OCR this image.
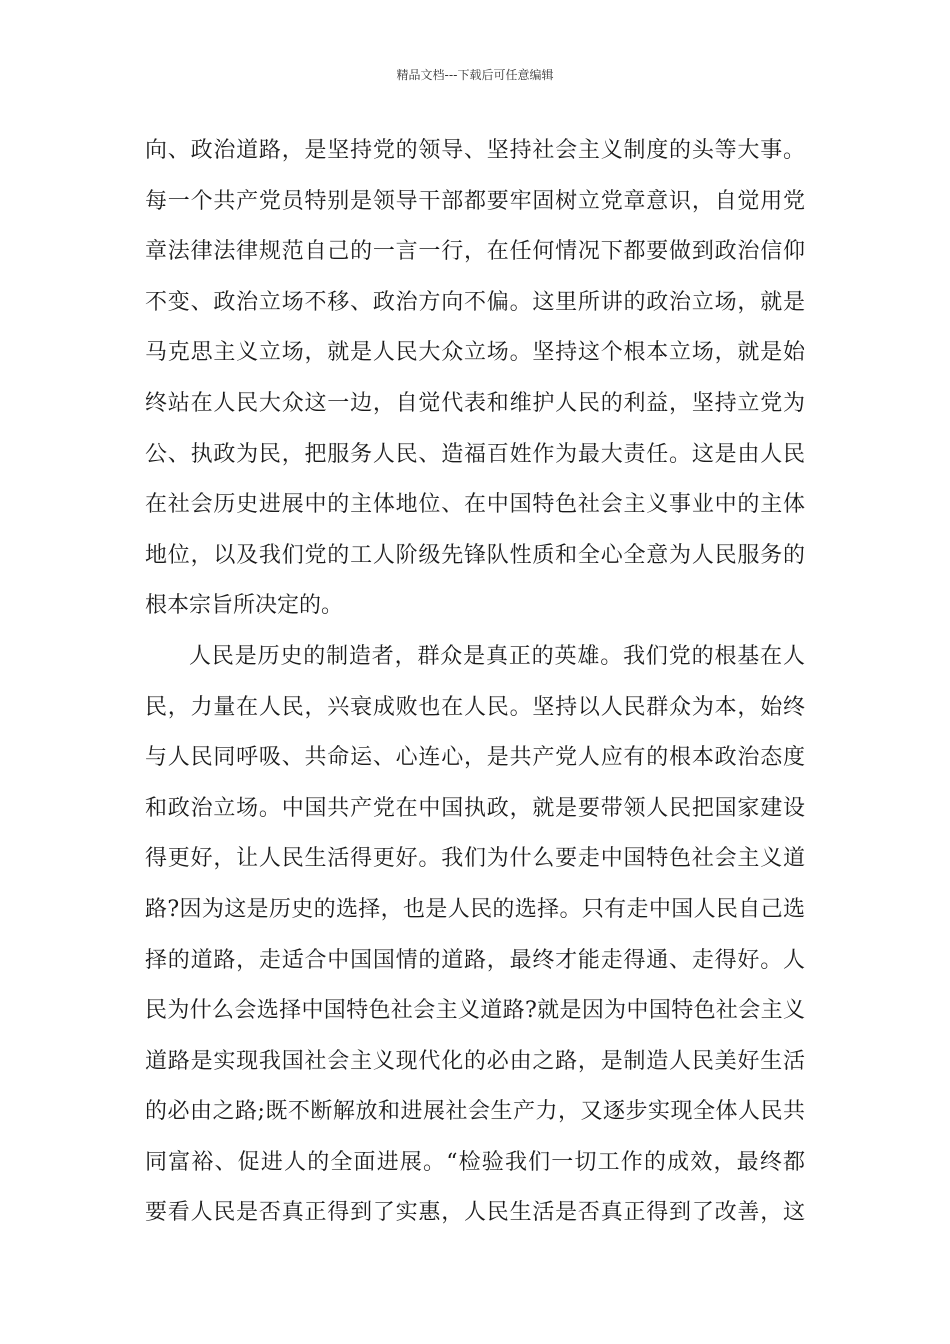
精品文档---下载后可任意编辑
向、政治道路，是坚持党的领导、坚持社会主义制度的头等大事。
每一个共产党员特别是领导干部都要牢固树立党章意识，自觉用党
章法律法律规范自己的一言一行，在任何情况下都要做到政治信仰
不变、政治立场不移、政治方向不偏。这里所讲的政治立场，就是
马克思主义立场，就是人民大众立场。坚持这个根本立场，就是始
终站在人民大众这一边，自觉代表和维护人民的利益，坚持立党为
公、执政为民，把服务人民、造福百姓作为最大责任。这是由人民
在社会历史进展中的主体地位、在中国特色社会主义事业中的主体
地位，以及我们党的工人阶级先锋队性质和全心全意为人民服务的
根本宗旨所决定的。
人民是历史的制造者，群众是真正的英雄。我们党的根基在人
民，力量在人民，兴衰成败也在人民。坚持以人民群众为本，始终
与人民同呼吸、共命运、心连心，是共产党人应有的根本政治态度
和政治立场。中国共产党在中国执政，就是要带领人民把国家建设
得更好，让人民生活得更好。我们为什么要走中国特色社会主义道
路?因为这是历史的选择，也是人民的选择。只有走中国人民自己选
择的道路，走适合中国国情的道路，最终才能走得通、走得好。人
民为什么会选择中国特色社会主义道路?就是因为中国特色社会主义
道路是实现我国社会主义现代化的必由之路，是制造人民美好生活
的必由之路;既不断解放和进展社会生产力，又逐步实现全体人民共
同富裕、促进人的全面进展。“检验我们一切工作的成效，最终都
要看人民是否真正得到了实惠，人民生活是否真正得到了改善，这
